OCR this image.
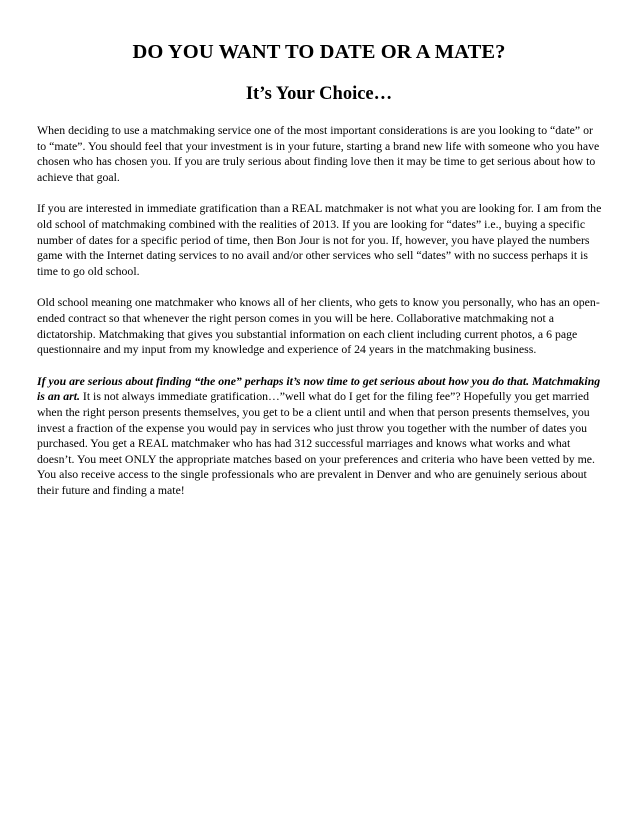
DO YOU WANT TO DATE OR A MATE?
It’s Your Choice…

When deciding to use a matchmaking service one of the most important considerations is are you looking to “date” or to “mate”. You should feel that your investment is in your future, starting a brand new life with someone who you have chosen who has chosen you. If you are truly serious about finding love then it may be time to get serious about how to achieve that goal.

If you are interested in immediate gratification than a REAL matchmaker is not what you are looking for. I am from the old school of matchmaking combined with the realities of 2013. If you are looking for “dates” i.e., buying a specific number of dates for a specific period of time, then Bon Jour is not for you. If, however, you have played the numbers game with the Internet dating services to no avail and/or other services who sell “dates” with no success perhaps it is time to go old school.

Old school meaning one matchmaker who knows all of her clients, who gets to know you personally, who has an open-ended contract so that whenever the right person comes in you will be here. Collaborative matchmaking not a dictatorship. Matchmaking that gives you substantial information on each client including current photos, a 6 page questionnaire and my input from my knowledge and experience of 24 years in the matchmaking business.

If you are serious about finding “the one” perhaps it’s now time to get serious about how you do that. Matchmaking is an art. It is not always immediate gratification…”well what do I get for the filing fee”? Hopefully you get married when the right person presents themselves, you get to be a client until and when that person presents themselves, you invest a fraction of the expense you would pay in services who just throw you together with the number of dates you purchased. You get a REAL matchmaker who has had 312 successful marriages and knows what works and what doesn’t. You meet ONLY the appropriate matches based on your preferences and criteria who have been vetted by me. You also receive access to the single professionals who are prevalent in Denver and who are genuinely serious about their future and finding a mate!
